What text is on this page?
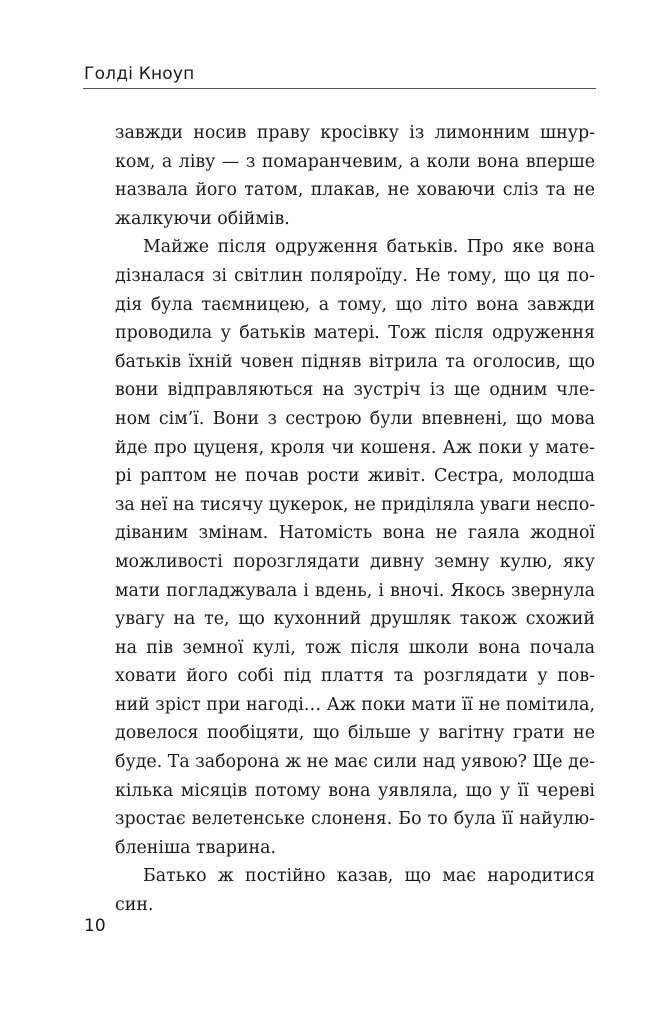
Голді Кноуп

завжди носив праву кросівку із лимонним шнур-
ком, а ліву — з помаранчевим, а коли вона вперше
назвала його татом, плакав, не ховаючи сліз та не
жалкуючи обіймів.

Майже після одруження батьків. Про яке вона
дізналася зі світлин поляроїду. Не тому, що ця по-
дія була таємницею, а тому, що літо вона завжди
проводила у батьків матері. Тож після одруження
батьків їхній човен підняв вітрила та оголосив, що
вони відправляються на зустріч із ще одним чле-
ном сім’ї. Вони з сестрою були впевнені, що мова
йде про цуценя, кроля чи кошеня. Аж поки у мате-
рі раптом не почав рости живіт. Сестра, молодша
за неї на тисячу цукерок, не приділяла уваги неспо-
діваним змінам. Натомість вона не гаяла жодної
можливості порозглядати дивну земну кулю, яку
мати погладжувала і вдень, і вночі. Якось звернула
увагу на те, що кухонний друшляк також схожий
на пів земної кулі, тож після школи вона почала
ховати його собі під плаття та розглядати у пов-
ний зріст при нагоді… Аж поки мати її не помітила,
довелося пообіцяти, що більше у вагітну грати не
буде. Та заборона ж не має сили над уявою? Ще де-
кілька місяців потому вона уявляла, що у її череві
зростає велетенське слоненя. Бо то була її найулю-
бленіша тварина.

Батько ж постійно казав, що має народитися
син.

10
